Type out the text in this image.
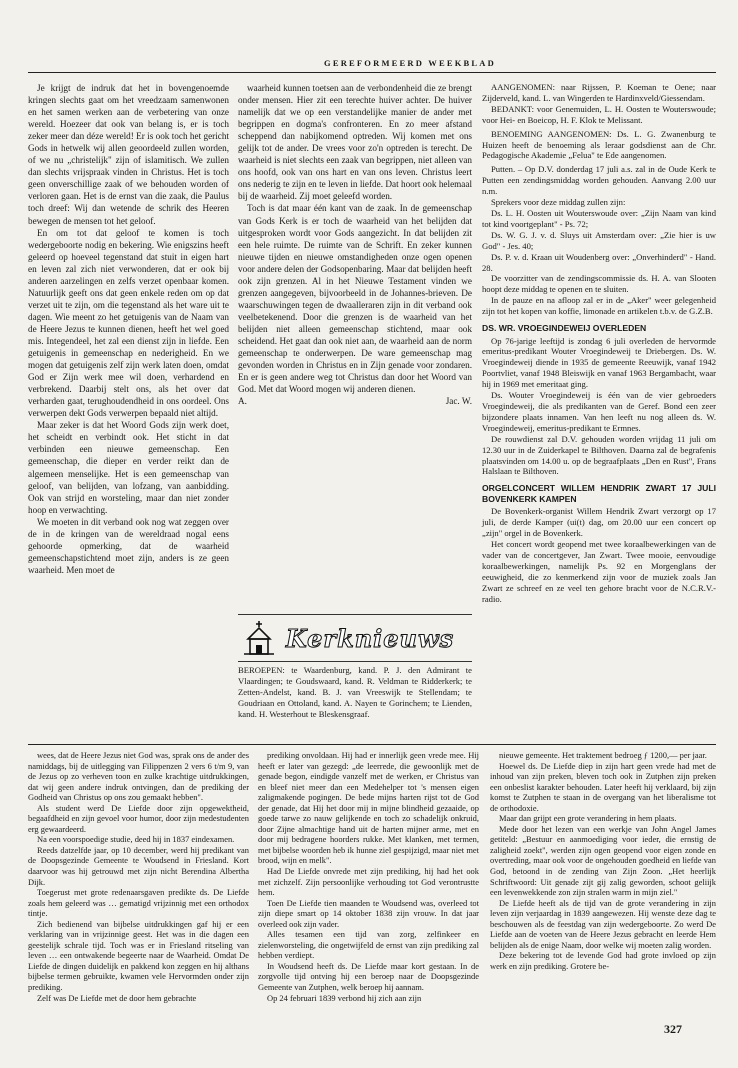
GEREFORMEERD WEEKBLAD

Je krijgt de indruk dat het in bovengenoemde kringen slechts gaat om het vreedzaam samenwonen en het samen werken aan de verbetering van onze wereld. Hoezeer dat ook van belang is, er is toch zeker meer dan déze wereld! Er is ook toch het gericht Gods in hetwelk wij allen geoordeeld zullen worden, of we nu „christelijk" zijn of islamitisch. We zullen dan slechts vrijspraak vinden in Christus. Het is toch geen onverschillige zaak of we behouden worden of verloren gaan. Het is de ernst van die zaak, die Paulus toch dreef: Wij dan wetende de schrik des Heeren bewegen de mensen tot het geloof.

En om tot dat geloof te komen is toch wedergeboorte nodig en bekering. Wie enigszins heeft geleerd op hoeveel tegenstand dat stuit in eigen hart en leven zal zich niet verwonderen, dat er ook bij anderen aarzelingen en zelfs verzet openbaar komen. Natuurlijk geeft ons dat geen enkele reden om op dat verzet uit te zijn, om die tegenstand als het ware uit te dagen. Wie meent zo het getuigenis van de Naam van de Heere Jezus te kunnen dienen, heeft het wel goed mis. Integendeel, het zal een dienst zijn in liefde. Een getuigenis in gemeenschap en nederigheid. En we mogen dat getuigenis zelf zijn werk laten doen, omdat God er Zijn werk mee wil doen, verhardend en verbrekend. Daarbij stelt ons, als het over dat verharden gaat, terughoudendheid in ons oordeel. Ons verwerpen dekt Gods verwerpen bepaald niet altijd.

Maar zeker is dat het Woord Gods zijn werk doet, het scheidt en verbindt ook. Het sticht in dat verbinden een nieuwe gemeenschap. Een gemeenschap, die dieper en verder reikt dan de algemeen menselijke. Het is een gemeenschap van geloof, van belijden, van lofzang, van aanbidding. Ook van strijd en worsteling, maar dan niet zonder hoop en verwachting.

We moeten in dit verband ook nog wat zeggen over de in de kringen van de wereldraad nogal eens gehoorde opmerking, dat de waarheid gemeenschapstichtend moet zijn, anders is ze geen waarheid. Men moet de

waarheid kunnen toetsen aan de verbondenheid die ze brengt onder mensen. Hier zit een terechte huiver achter. De huiver namelijk dat we op een verstandelijke manier de ander met begrippen en dogma's confronteren. En zo meer afstand scheppend dan nabijkomend optreden. Wij komen met ons gelijk tot de ander. De vrees voor zo'n optreden is terecht. De waarheid is niet slechts een zaak van begrippen, niet alleen van ons hoofd, ook van ons hart en van ons leven. Christus leert ons nederig te zijn en te leven in liefde. Dat hoort ook helemaal bij de waarheid. Zij moet geleefd worden.

Toch is dat maar één kant van de zaak. In de gemeenschap van Gods Kerk is er toch de waarheid van het belijden dat uitgesproken wordt voor Gods aangezicht. In dat belijden zit een hele ruimte. De ruimte van de Schrift. En zeker kunnen nieuwe tijden en nieuwe omstandigheden onze ogen openen voor andere delen der Godsopenbaring. Maar dat belijden heeft ook zijn grenzen. Al in het Nieuwe Testament vinden we grenzen aangegeven, bijvoorbeeld in de Johannes-brieven. De waarschuwingen tegen de dwaalleraren zijn in dit verband ook veelbetekenend. Door die grenzen is de waarheid van het belijden niet alleen gemeenschap stichtend, maar ook scheidend. Het gaat dan ook niet aan, de waarheid aan de norm gemeenschap te onderwerpen. De ware gemeenschap mag gevonden worden in Christus en in Zijn genade voor zondaren. En er is geen andere weg tot Christus dan door het Woord van God. Met dat Woord mogen wij anderen dienen.

A.	Jac. W.

Kerknieuws

BEROEPEN: te Waardenburg, kand. P. J. den Admirant te Vlaardingen; te Goudswaard, kand. R. Veldman te Ridderkerk; te Zetten-Andelst, kand. B. J. van Vreeswijk te Stellendam; te Goudriaan en Ottoland, kand. A. Nayen te Gorinchem; te Lienden, kand. H. Westerhout te Bleskensgraaf.

AANGENOMEN: naar Rijssen, P. Koeman te Oene; naar Zijderveld, kand. L. van Wingerden te Hardinxveld/Giessendam.

BEDANKT: voor Genemuiden, L. H. Oosten te Wouterswoude; voor Hei- en Boeicop, H. F. Klok te Melissant.

BENOEMING AANGENOMEN: Ds. L. G. Zwanenburg te Huizen heeft de benoeming als leraar godsdienst aan de Chr. Pedagogische Akademie „Felua" te Ede aangenomen.

Putten. – Op D.V. donderdag 17 juli a.s. zal in de Oude Kerk te Putten een zendingsmiddag worden gehouden. Aanvang 2.00 uur n.m.

Sprekers voor deze middag zullen zijn:

Ds. L. H. Oosten uit Wouterswoude over: „Zijn Naam van kind tot kind voortgeplant" - Ps. 72;

Ds. W. G. J. v. d. Sluys uit Amsterdam over: „Zie hier is uw God" - Jes. 40;

Ds. P. v. d. Kraan uit Woudenberg over: „Onverhinderd" - Hand. 28.

De voorzitter van de zendingscommissie ds. H. A. van Slooten hoopt deze middag te openen en te sluiten.

In de pauze en na afloop zal er in de „Aker" weer gelegenheid zijn tot het kopen van koffie, limonade en artikelen t.b.v. de G.Z.B.

DS. WR. VROEGINDEWEIJ OVERLEDEN

Op 76-jarige leeftijd is zondag 6 juli overleden de hervormde emeritus-predikant Wouter Vroegindeweij te Driebergen. Ds. W. Vroegindeweij diende in 1935 de gemeente Reeuwijk, vanaf 1942 Poortvliet, vanaf 1948 Bleiswijk en vanaf 1963 Bergambacht, waar hij in 1969 met emeritaat ging.

Ds. Wouter Vroegindeweij is één van de vier gebroeders Vroegindeweij, die als predikanten van de Geref. Bond een zeer bijzondere plaats innamen. Van hen leeft nu nog alleen ds. W. Vroegindeweij, emeritus-predikant te Ermnes.

De rouwdienst zal D.V. gehouden worden vrijdag 11 juli om 12.30 uur in de Zuiderkapel te Bilthoven. Daarna zal de begrafenis plaatsvinden om 14.00 u. op de begraafplaats „Den en Rust", Frans Halslaan te Bilthoven.

ORGELCONCERT WILLEM HENDRIK ZWART 17 JULI BOVENKERK KAMPEN

De Bovenkerk-organist Willem Hendrik Zwart verzorgt op 17 juli, de derde Kamper (ui(t) dag, om 20.00 uur een concert op „zijn" orgel in de Bovenkerk.

Het concert wordt geopend met twee koraalbewerkingen van de vader van de concertgever, Jan Zwart. Twee mooie, eenvoudige koraalbewerkingen, namelijk Ps. 92 en Morgenglans der eeuwigheid, die zo kenmerkend zijn voor de muziek zoals Jan Zwart ze schreef en ze veel ten gehore bracht voor de N.C.R.V.-radio.

wees, dat de Heere Jezus niet God was, sprak ons de ander des namiddags, bij de uitlegging van Filippenzen 2 vers 6 t/m 9, van de Jezus op zo verheven toon en zulke krachtige uitdrukkingen, dat wij geen andere indruk ontvingen, dan de prediking der Godheid van Christus op ons zou gemaakt hebben".

Als student werd De Liefde door zijn opgewektheid, begaafdheid en zijn gevoel voor humor, door zijn medestudenten erg gewaardeerd.

Na een voorspoedige studie, deed hij in 1837 eindexamen.

Reeds datzelfde jaar, op 10 december, werd hij predikant van de Doopsgezinde Gemeente te Woudsend in Friesland. Kort daarvoor was hij getrouwd met zijn nicht Berendina Albertha Dijk.

Toegerust met grote redenaarsgaven predikte ds. De Liefde zoals hem geleerd was … gematigd vrijzinnig met een orthodox tintje.

Zich bedienend van bijbelse uitdrukkingen gaf hij er een verklaring van in vrijzinnige geest. Het was in die dagen een geestelijk schrale tijd. Toch was er in Friesland ritseling van leven … een ontwakende begeerte naar de Waarheid. Omdat De Liefde de dingen duidelijk en pakkend kon zeggen en hij althans bijbelse termen gebruikte, kwamen vele Hervormden onder zijn prediking.

Zelf was De Liefde met de door hem gebrachte

prediking onvoldaan. Hij had er innerlijk geen vrede mee. Hij heeft er later van gezegd: „de leerrede, die gewoonlijk met de genade begon, eindigde vanzelf met de werken, er Christus van en bleef niet meer dan een Medehelper tot 's mensen eigen zaligmakende pogingen. De bede mijns harten rijst tot de God der genade, dat Hij het door mij in mijne blindheid gezaaide, op goede tarwe zo nauw gelijkende en toch zo schadelijk onkruid, door Zijne almachtige hand uit de harten mijner arme, met en door mij bedragene hoorders rukke. Met klanken, met termen, met bijbelse woorden heb ik hunne ziel gespijzigd, maar niet met brood, wijn en melk".

Had De Liefde onvrede met zijn prediking, hij had het ook met zichzelf. Zijn persoonlijke verhouding tot God verontrustte hem.

Toen De Liefde tien maanden te Woudsend was, overleed tot zijn diepe smart op 14 oktober 1838 zijn vrouw. In dat jaar overleed ook zijn vader.

Alles tesamen een tijd van zorg, zelfinkeer en zielenworsteling, die ongetwijfeld de ernst van zijn prediking zal hebben verdiept.

In Woudsend heeft ds. De Liefde maar kort gestaan. In de zorgvolle tijd ontving hij een beroep naar de Doopsgezinde Gemeente van Zutphen, welk beroep hij aannam.

Op 24 februari 1839 verbond hij zich aan zijn

nieuwe gemeente. Het traktement bedroeg ƒ 1200,— per jaar.

Hoewel ds. De Liefde diep in zijn hart geen vrede had met de inhoud van zijn preken, bleven toch ook in Zutphen zijn preken een onbeslist karakter behouden. Later heeft hij verklaard, bij zijn komst te Zutphen te staan in de overgang van het liberalisme tot de orthodoxie.

Maar dan grijpt een grote verandering in hem plaats.

Mede door het lezen van een werkje van John Angel James getiteld: „Bestuur en aanmoediging voor ieder, die ernstig de zaligheid zoekt", werden zijn ogen geopend voor eigen zonde en overtreding, maar ook voor de ongehouden goedheid en liefde van God, betoond in de zending van Zijn Zoon. „Het heerlijk Schriftwoord: Uit genade zijt gij zalig geworden, schoot geliijk een levenwekkende zon zijn stralen warm in mijn ziel."

De Liefde heeft als de tijd van de grote verandering in zijn leven zijn verjaardag in 1839 aangewezen. Hij wenste deze dag te beschouwen als de feestdag van zijn wedergeboorte. Zo werd De Liefde aan de voeten van de Heere Jezus gebracht en leerde Hem belijden als de enige Naam, door welke wij moeten zalig worden.

Deze bekering tot de levende God had grote invloed op zijn werk en zijn prediking. Grotere be-

327
